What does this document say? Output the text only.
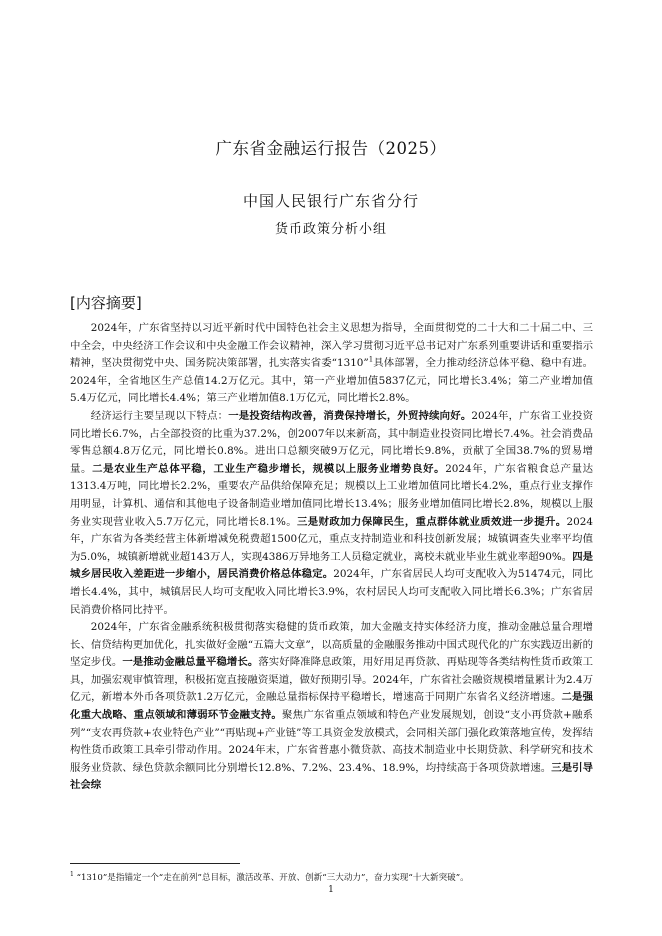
广东省金融运行报告（2025）
中国人民银行广东省分行
货币政策分析小组
[内容摘要]

2024年，广东省坚持以习近平新时代中国特色社会主义思想为指导，全面贯彻党的二十大和二十届二中、三中全会，中央经济工作会议和中央金融工作会议精神，深入学习贯彻习近平总书记对广东系列重要讲话和重要指示精神，坚决贯彻党中央、国务院决策部署，扎实落实省委“1310”$^1$具体部署，全力推动经济总体平稳、稳中有进。2024年，全省地区生产总值14.2万亿元。其中，第一产业增加值5837亿元，同比增长3.4%；第二产业增加值5.4万亿元，同比增长4.4%；第三产业增加值8.1万亿元，同比增长2.8%。

经济运行主要呈现以下特点：一是投资结构改善，消费保持增长，外贸持续向好。2024年，广东省工业投资同比增长6.7%，占全部投资的比重为37.2%，创2007年以来新高，其中制造业投资同比增长7.4%。社会消费品零售总额4.8万亿元，同比增长0.8%。进出口总额突破9万亿元，同比增长9.8%，贡献了全国38.7%的贸易增量。二是农业生产总体平稳，工业生产稳步增长，规模以上服务业增势良好。2024年，广东省粮食总产量达1313.4万吨，同比增长2.2%，重要农产品供给保障充足；规模以上工业增加值同比增长4.2%，重点行业支撑作用明显，计算机、通信和其他电子设备制造业增加值同比增长13.4%；服务业增加值同比增长2.8%，规模以上服务业实现营业收入5.7万亿元，同比增长8.1%。三是财政加力保障民生，重点群体就业质效进一步提升。2024年，广东省为各类经营主体新增减免税费超1500亿元，重点支持制造业和科技创新发展；城镇调查失业率平均值为5.0%，城镇新增就业超143万人，实现4386万异地务工人员稳定就业，离校未就业毕业生就业率超90%。四是城乡居民收入差距进一步缩小，居民消费价格总体稳定。2024年，广东省居民人均可支配收入为51474元，同比增长4.4%，其中，城镇居民人均可支配收入同比增长3.9%，农村居民人均可支配收入同比增长6.3%；广东省居民消费价格同比持平。

2024年，广东省金融系统积极贯彻落实稳健的货币政策，加大金融支持实体经济力度，推动金融总量合理增长、信贷结构更加优化，扎实做好金融“五篇大文章”，以高质量的金融服务推动中国式现代化的广东实践迈出新的坚定步伐。一是推动金融总量平稳增长。落实好降准降息政策，用好用足再贷款、再贴现等各类结构性货币政策工具，加强宏观审慎管理，积极拓宽直接融资渠道，做好预期引导。2024年，广东省社会融资规模增量累计为2.4万亿元，新增本外币各项贷款1.2万亿元，金融总量指标保持平稳增长，增速高于同期广东省名义经济增速。二是强化重大战略、重点领域和薄弱环节金融支持。聚焦广东省重点领域和特色产业发展规划，创设“支小再贷款+融系列”“支农再贷款+农业特色产业”“再贴现+产业链”等工具资金发放模式，会同相关部门强化政策落地宣传，发挥结构性货币政策工具牵引带动作用。2024年末，广东省普惠小微贷款、高技术制造业中长期贷款、科学研究和技术服务业贷款、绿色贷款余额同比分别增长12.8%、7.2%、23.4%、18.9%，均持续高于各项贷款增速。三是引导社会综

$^1$ “1310”是指锚定一个“走在前列”总目标，激活改革、开放、创新“三大动力”，奋力实现“十大新突破”。
1
